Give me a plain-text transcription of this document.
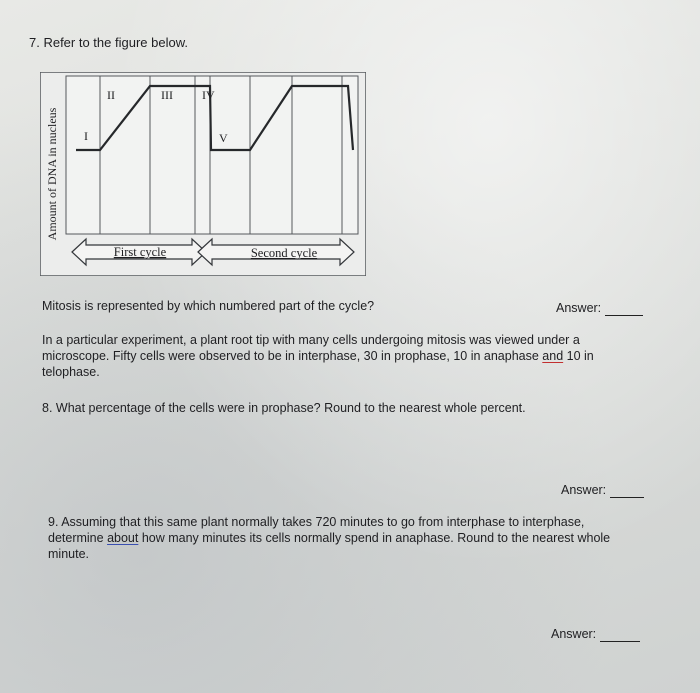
7. Refer to the figure below.
Amount of DNA in nucleus I
II	III IV
V
First cycle	Second cycle
Mitosis is represented by which numbered part of the cycle?	Answer:
In a particular experiment, a plant root tip with many cells undergoing mitosis was viewed under a microscope. Fifty cells were observed to be in interphase, 30 in prophase, 10 in anaphase and 10 in telophase.
8. What percentage of the cells were in prophase? Round to the nearest whole percent.
Answer:
9. Assuming that this same plant normally takes 720 minutes to go from interphase to interphase, determine about how many minutes its cells normally spend in anaphase. Round to the nearest whole minute.
Answer:
